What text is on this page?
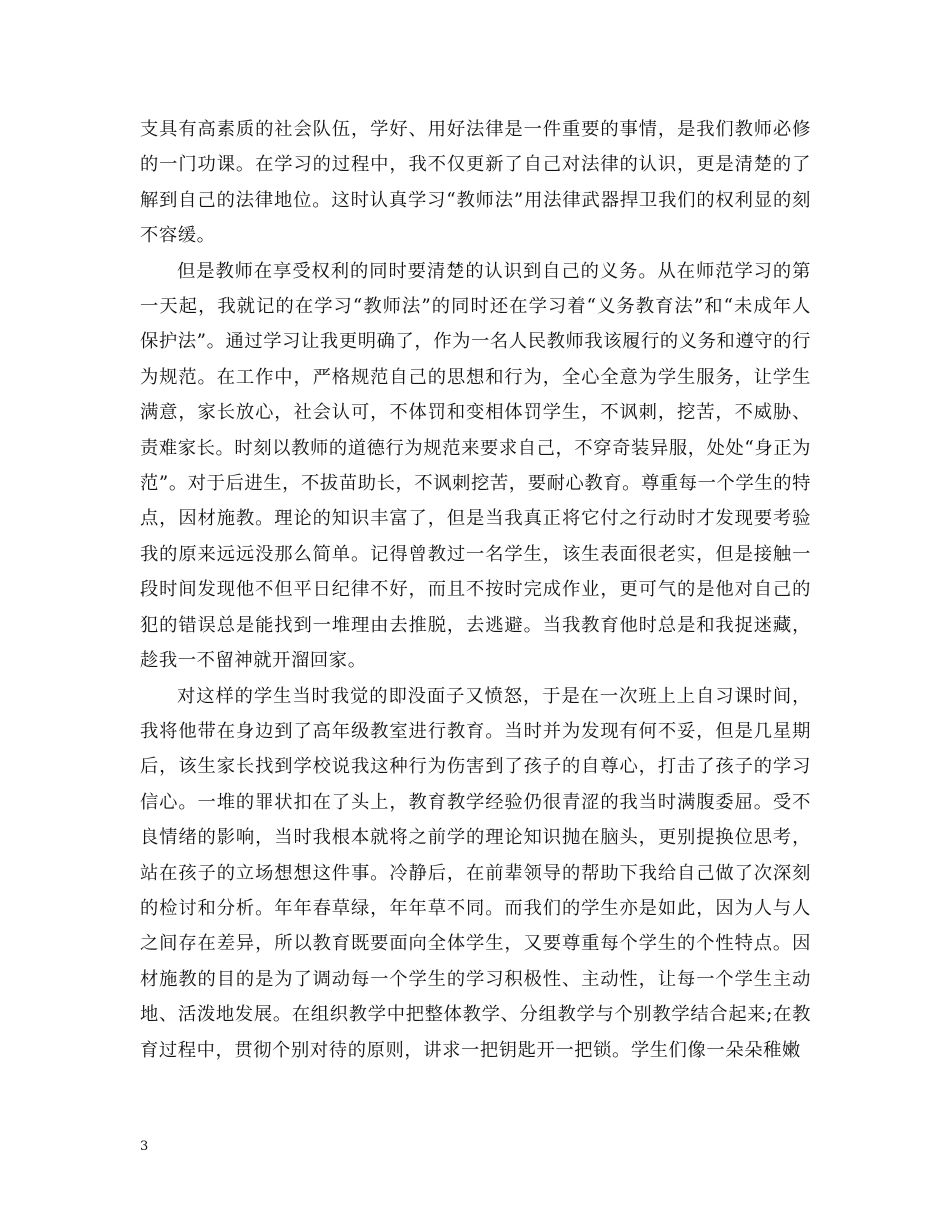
支具有高素质的社会队伍，学好、用好法律是一件重要的事情，是我们教师必修的一门功课。在学习的过程中，我不仅更新了自己对法律的认识，更是清楚的了解到自己的法律地位。这时认真学习“教师法”用法律武器捍卫我们的权利显的刻不容缓。

但是教师在享受权利的同时要清楚的认识到自己的义务。从在师范学习的第一天起，我就记的在学习“教师法”的同时还在学习着“义务教育法”和“未成年人保护法”。通过学习让我更明确了，作为一名人民教师我该履行的义务和遵守的行为规范。在工作中，严格规范自己的思想和行为，全心全意为学生服务，让学生满意，家长放心，社会认可，不体罚和变相体罚学生，不讽刺，挖苦，不威胁、责难家长。时刻以教师的道德行为规范来要求自己，不穿奇装异服，处处“身正为范”。对于后进生，不拔苗助长，不讽刺挖苦，要耐心教育。尊重每一个学生的特点，因材施教。理论的知识丰富了，但是当我真正将它付之行动时才发现要考验我的原来远远没那么简单。记得曾教过一名学生，该生表面很老实，但是接触一段时间发现他不但平日纪律不好，而且不按时完成作业，更可气的是他对自己的犯的错误总是能找到一堆理由去推脱，去逃避。当我教育他时总是和我捉迷藏，趁我一不留神就开溜回家。

对这样的学生当时我觉的即没面子又愤怒，于是在一次班上上自习课时间，我将他带在身边到了高年级教室进行教育。当时并为发现有何不妥，但是几星期后，该生家长找到学校说我这种行为伤害到了孩子的自尊心，打击了孩子的学习信心。一堆的罪状扣在了头上，教育教学经验仍很青涩的我当时满腹委屈。受不良情绪的影响，当时我根本就将之前学的理论知识抛在脑头，更别提换位思考，站在孩子的立场想想这件事。冷静后，在前辈领导的帮助下我给自己做了次深刻的检讨和分析。年年春草绿，年年草不同。而我们的学生亦是如此，因为人与人之间存在差异，所以教育既要面向全体学生，又要尊重每个学生的个性特点。因材施教的目的是为了调动每一个学生的学习积极性、主动性，让每一个学生主动地、活泼地发展。在组织教学中把整体教学、分组教学与个别教学结合起来;在教育过程中，贯彻个别对待的原则，讲求一把钥匙开一把锁。学生们像一朵朵稚嫩

3
